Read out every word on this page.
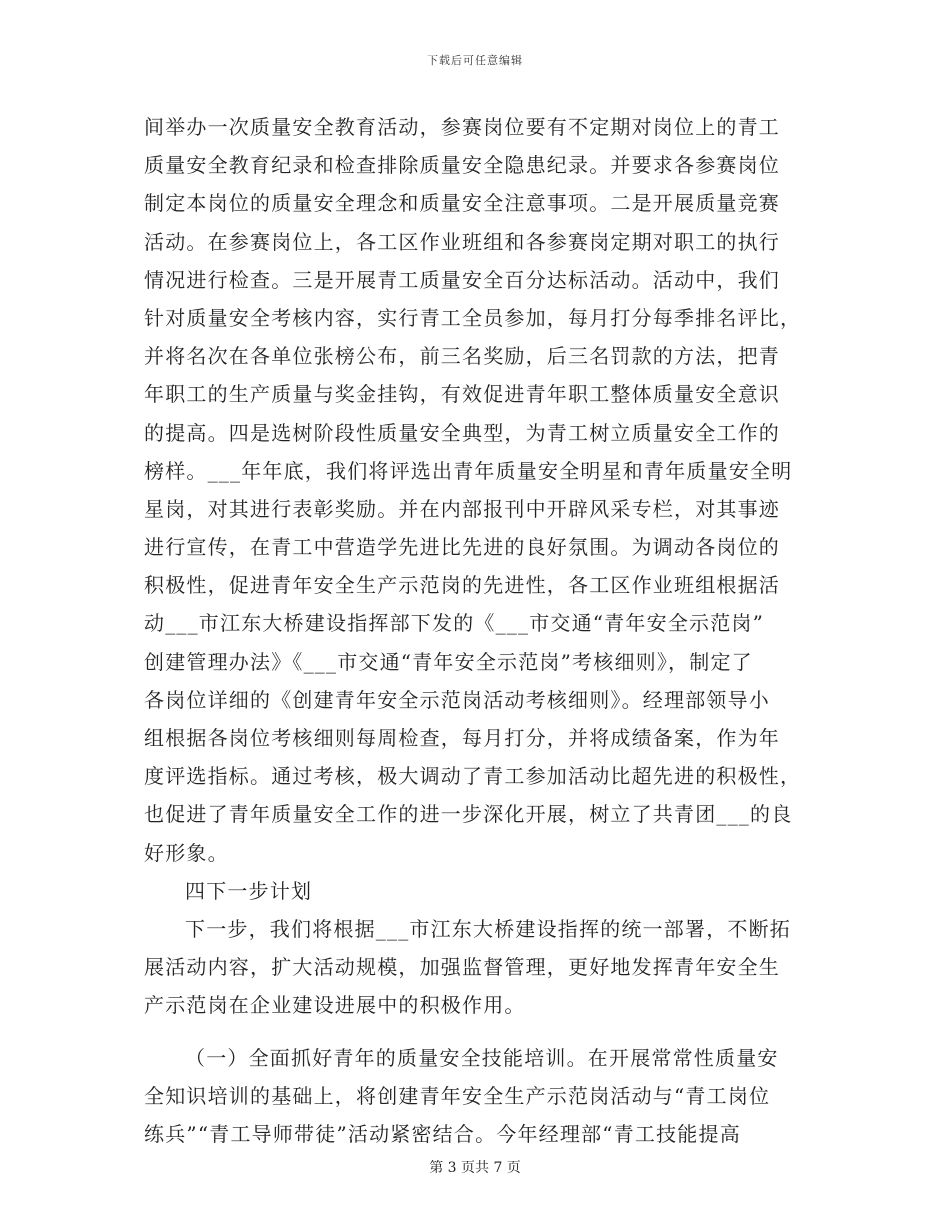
下载后可任意编辑
间举办一次质量安全教育活动，参赛岗位要有不定期对岗位上的青工
质量安全教育纪录和检查排除质量安全隐患纪录。并要求各参赛岗位
制定本岗位的质量安全理念和质量安全注意事项。二是开展质量竞赛
活动。在参赛岗位上，各工区作业班组和各参赛岗定期对职工的执行
情况进行检查。三是开展青工质量安全百分达标活动。活动中，我们
针对质量安全考核内容，实行青工全员参加，每月打分每季排名评比，
并将名次在各单位张榜公布，前三名奖励，后三名罚款的方法，把青
年职工的生产质量与奖金挂钩，有效促进青年职工整体质量安全意识
的提高。四是选树阶段性质量安全典型，为青工树立质量安全工作的
榜样。___年年底，我们将评选出青年质量安全明星和青年质量安全明
星岗，对其进行表彰奖励。并在内部报刊中开辟风采专栏，对其事迹
进行宣传，在青工中营造学先进比先进的良好氛围。为调动各岗位的
积极性，促进青年安全生产示范岗的先进性，各工区作业班组根据活
动___市江东大桥建设指挥部下发的《___市交通“青年安全示范岗”
创建管理办法》《___市交通“青年安全示范岗”考核细则》，制定了
各岗位详细的《创建青年安全示范岗活动考核细则》。经理部领导小
组根据各岗位考核细则每周检查，每月打分，并将成绩备案，作为年
度评选指标。通过考核，极大调动了青工参加活动比超先进的积极性，
也促进了青年质量安全工作的进一步深化开展，树立了共青团___的良
好形象。
四下一步计划
下一步，我们将根据___市江东大桥建设指挥的统一部署，不断拓
展活动内容，扩大活动规模，加强监督管理，更好地发挥青年安全生
产示范岗在企业建设进展中的积极作用。
（一）全面抓好青年的质量安全技能培训。在开展常常性质量安
全知识培训的基础上，将创建青年安全生产示范岗活动与“青工岗位
练兵”“青工导师带徒”活动紧密结合。今年经理部“青工技能提高
第 3 页共 7 页
